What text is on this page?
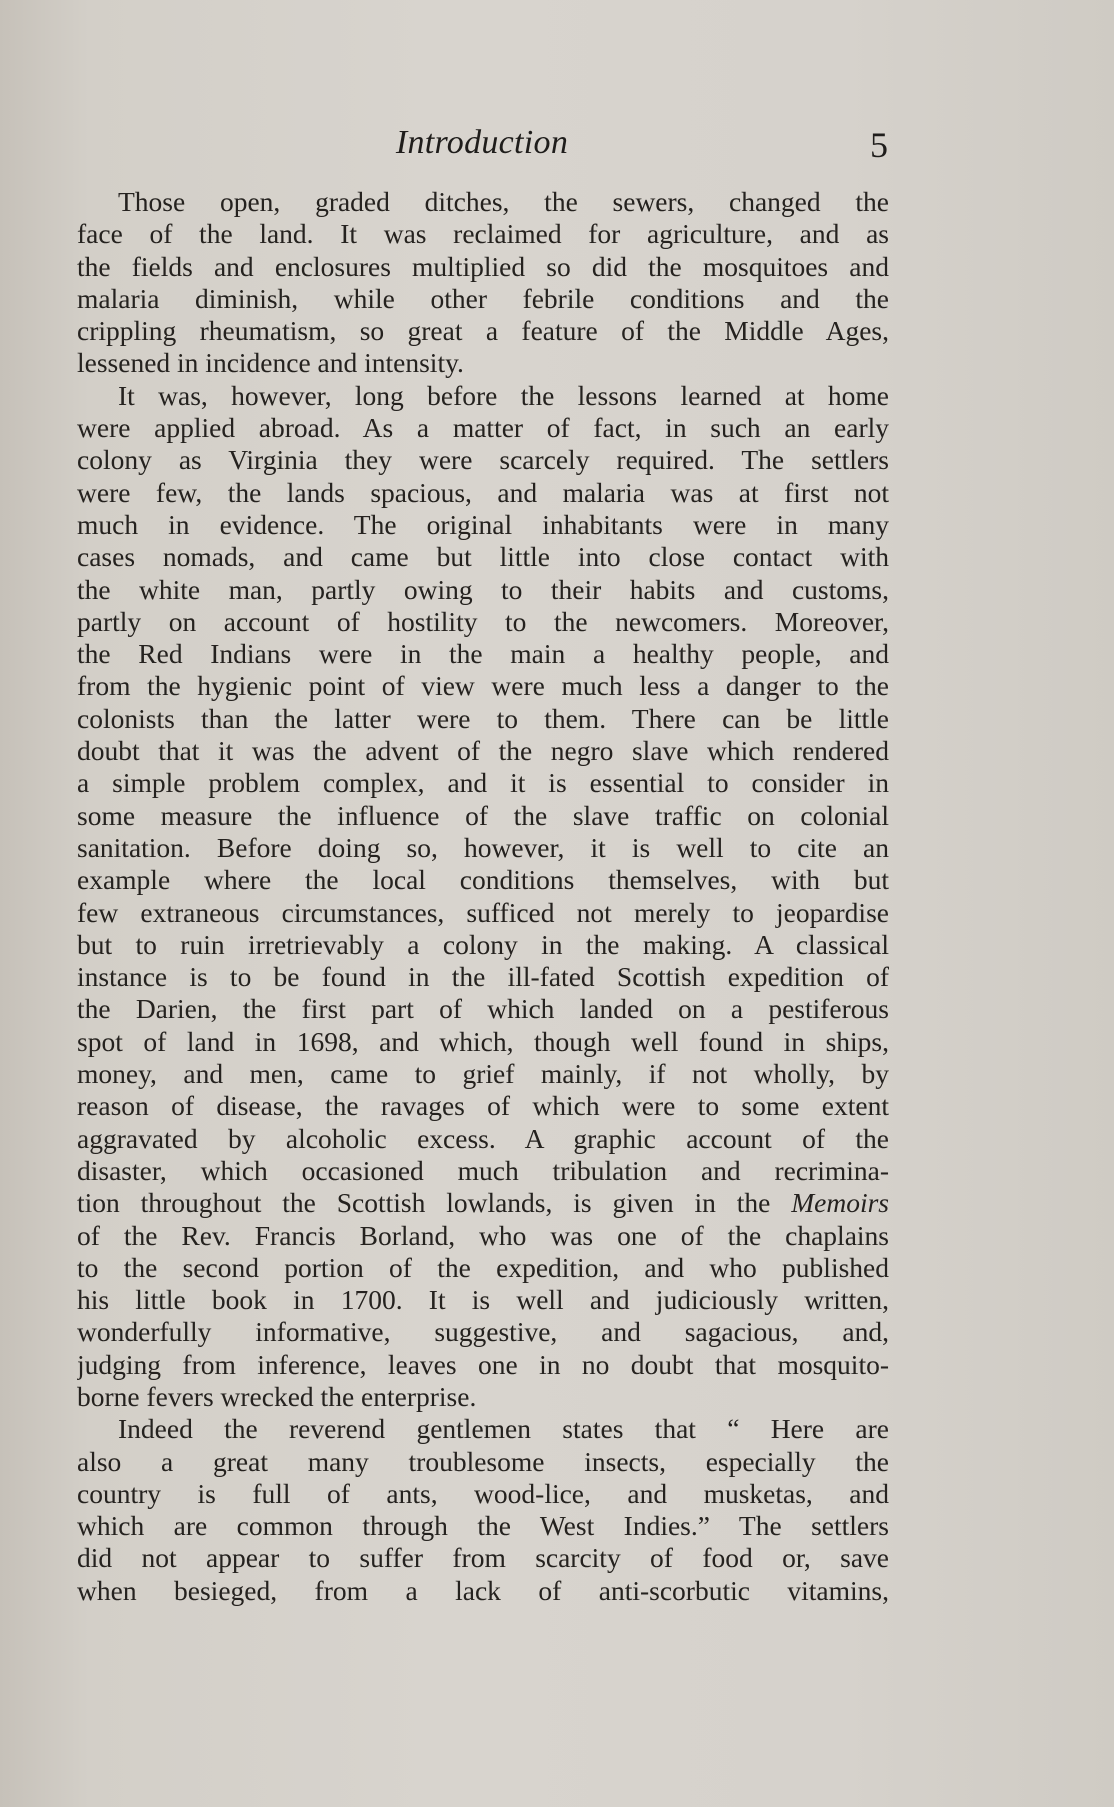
Introduction	5

Those open, graded ditches, the sewers, changed the
face of the land. It was reclaimed for agriculture, and as
the fields and enclosures multiplied so did the mosquitoes and
malaria diminish, while other febrile conditions and the
crippling rheumatism, so great a feature of the Middle Ages,
lessened in incidence and intensity.

It was, however, long before the lessons learned at home
were applied abroad. As a matter of fact, in such an early
colony as Virginia they were scarcely required. The settlers
were few, the lands spacious, and malaria was at first not
much in evidence. The original inhabitants were in many
cases nomads, and came but little into close contact with
the white man, partly owing to their habits and customs,
partly on account of hostility to the newcomers. Moreover,
the Red Indians were in the main a healthy people, and
from the hygienic point of view were much less a danger to the
colonists than the latter were to them. There can be little
doubt that it was the advent of the negro slave which rendered
a simple problem complex, and it is essential to consider in
some measure the influence of the slave traffic on colonial
sanitation. Before doing so, however, it is well to cite an
example where the local conditions themselves, with but
few extraneous circumstances, sufficed not merely to jeopardise
but to ruin irretrievably a colony in the making. A classical
instance is to be found in the ill-fated Scottish expedition of
the Darien, the first part of which landed on a pestiferous
spot of land in 1698, and which, though well found in ships,
money, and men, came to grief mainly, if not wholly, by
reason of disease, the ravages of which were to some extent
aggravated by alcoholic excess. A graphic account of the
disaster, which occasioned much tribulation and recrimina-
tion throughout the Scottish lowlands, is given in the Memoirs
of the Rev. Francis Borland, who was one of the chaplains
to the second portion of the expedition, and who published
his little book in 1700. It is well and judiciously written,
wonderfully informative, suggestive, and sagacious, and,
judging from inference, leaves one in no doubt that mosquito-
borne fevers wrecked the enterprise.

Indeed the reverend gentlemen states that “ Here are
also a great many troublesome insects, especially the
country is full of ants, wood-lice, and musketas, and
which are common through the West Indies.” The settlers
did not appear to suffer from scarcity of food or, save
when besieged, from a lack of anti-scorbutic vitamins,
